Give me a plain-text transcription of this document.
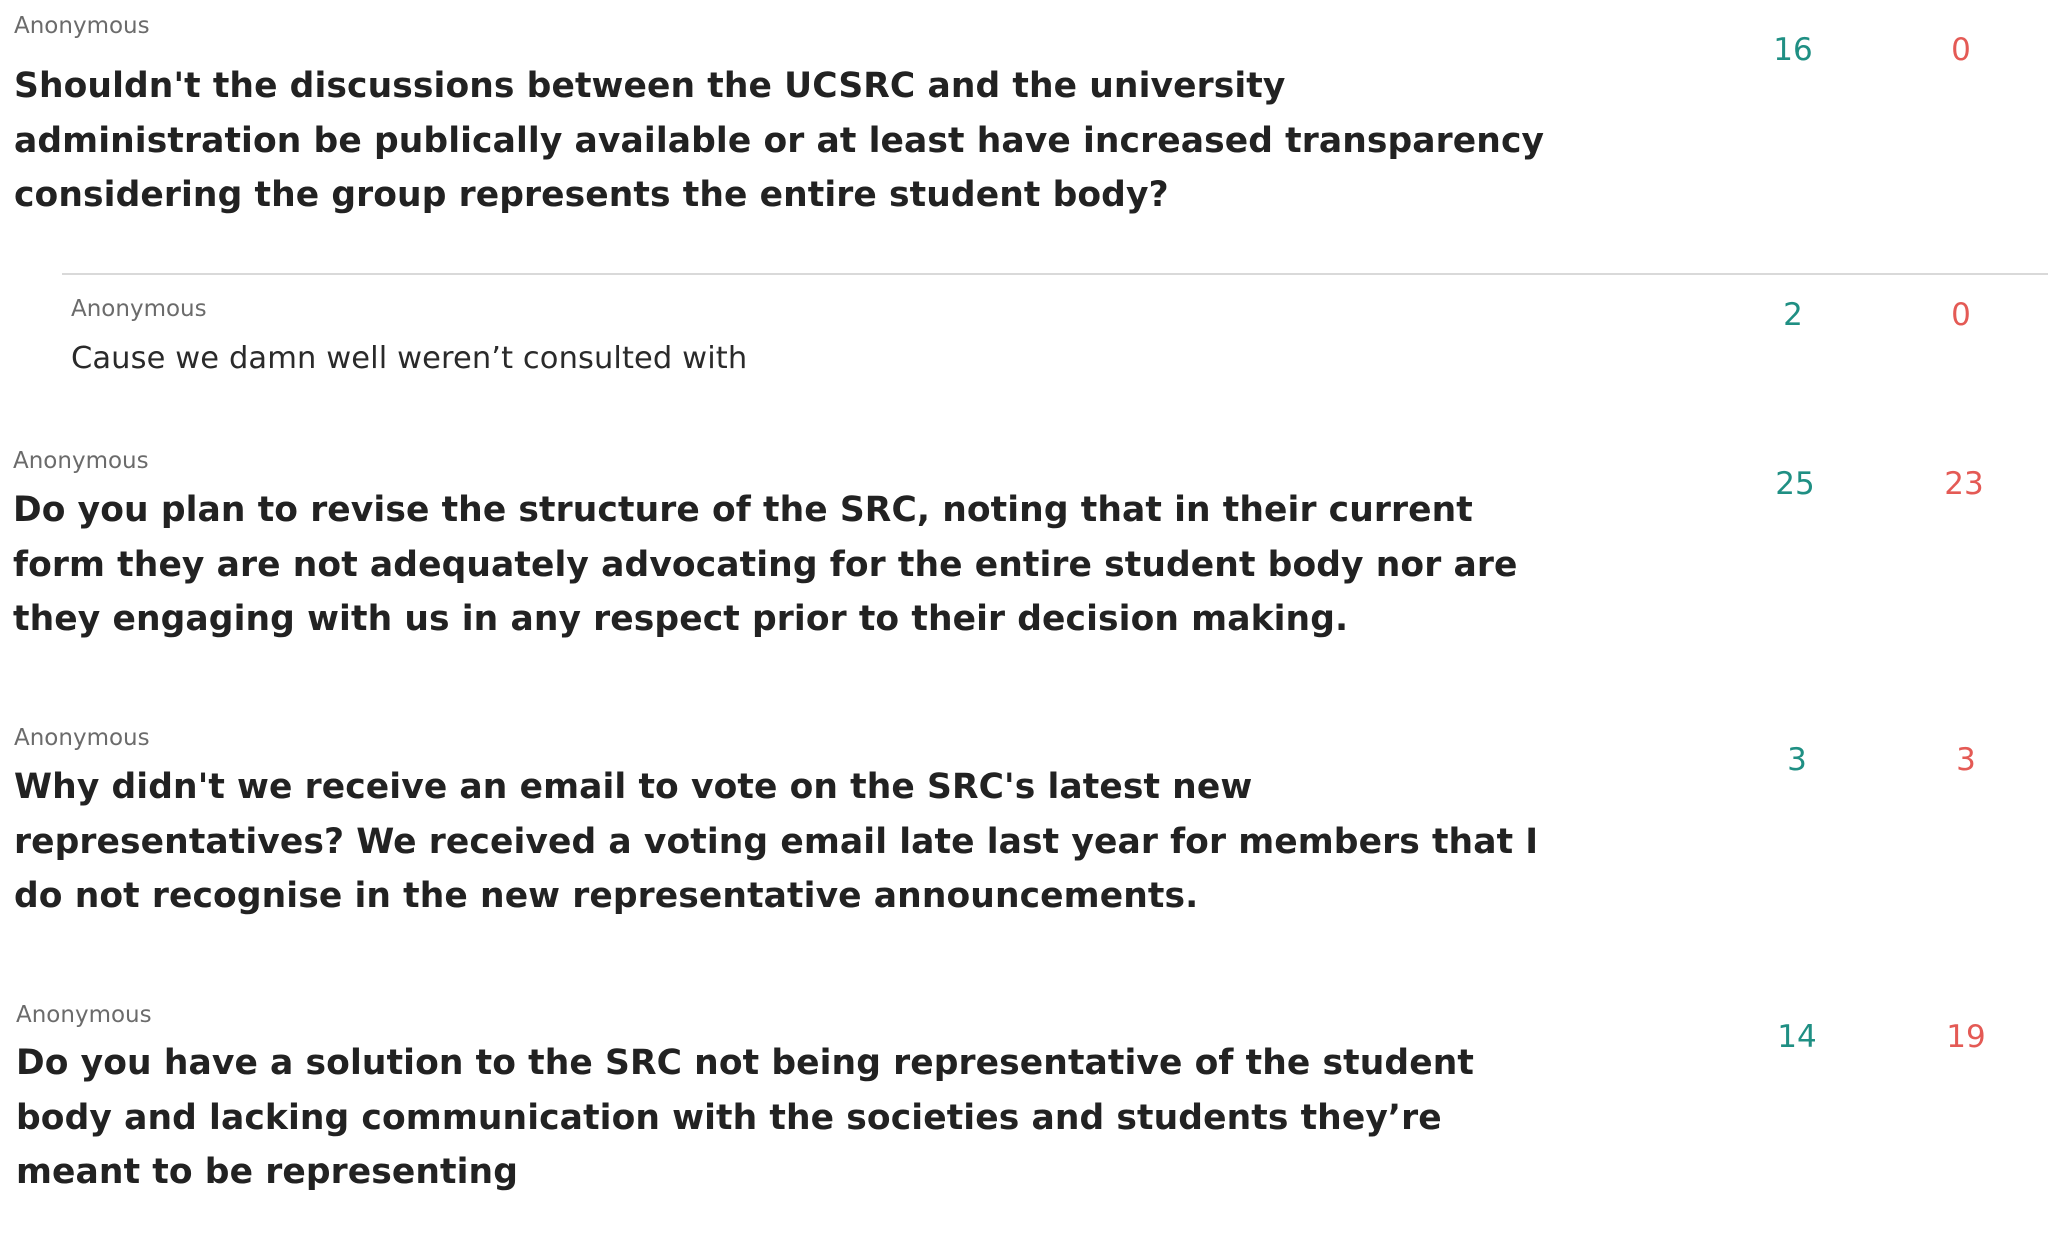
Anonymous
Shouldn't the discussions between the UCSRC and the university administration be publically available or at least have increased transparency considering the group represents the entire student body?
16	0
Anonymous
Cause we damn well weren’t consulted with
2	0
Anonymous
Do you plan to revise the structure of the SRC, noting that in their current form they are not adequately advocating for the entire student body nor are they engaging with us in any respect prior to their decision making.
25	23
Anonymous
Why didn't we receive an email to vote on the SRC's latest new representatives? We received a voting email late last year for members that I do not recognise in the new representative announcements.
3	3
Anonymous
Do you have a solution to the SRC not being representative of the student body and lacking communication with the societies and students they’re meant to be representing
14	19
